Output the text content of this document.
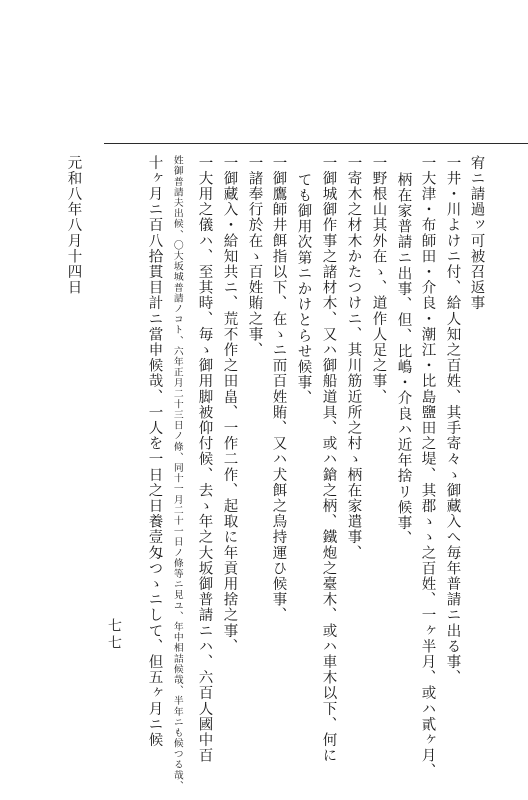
宥ニ請過ッ可被召返事
一井・川よけニ付、給人知之百姓、其手寄々ゝ御藏入へ毎年普請ニ出る事、
一大津・布師田・介良・潮江・比島鹽田之堤、其郡ゝゝ之百姓、一ヶ半月、或ハ貳ヶ月、
柄在家普請ニ出事、但、比嶋・介良ハ近年捨リ候事、
一野根山其外在ゝ、道作人足之事、
一寄木之材木かたつけニ、其川筋近所之村ゝ柄在家遣事、
一御城御作事之諸材木、又ハ御船道具、或ハ鎗之柄、鐵炮之臺木、或ハ車木以下、何に
ても御用次第ニかけとらせ候事、
一御鷹師井餌指以下、在ゝニ而百姓賄、又ハ犬餌之鳥持運ひ候事、
一諸奉行於在ゝ百姓賄之事、
一御藏入・給知共ニ、荒不作之田畠、一作二作、起取に年貢用捨之事、
一大用之儀ハ、至其時、毎ゝ御用脚被仰付候、去ゝ年之大坂御普請ニハ、六百人國中百
姓御普請夫出候、〇大坂城普請ノコト、六年正月二十三日ノ條、同十一月二十一日ノ條等ニ見ユ、年中相詰候哉、半年ニも候つる哉、
十ヶ月ニ百八拾貫目計ニ當申候哉、一人を一日之日養壹匁つゝニして、但五ヶ月ニ候
元和八年八月十四日
七七
